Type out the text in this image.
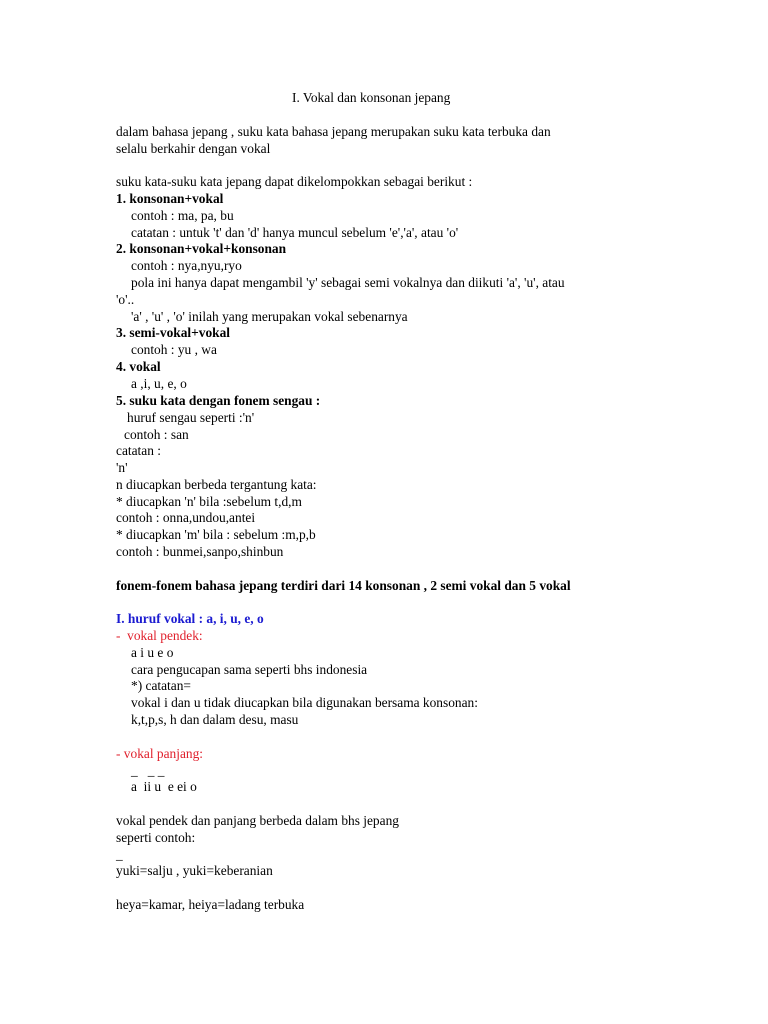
I. Vokal dan konsonan jepang
dalam bahasa jepang , suku kata bahasa jepang merupakan suku kata terbuka dan
selalu berkahir dengan vokal
suku kata-suku kata jepang dapat dikelompokkan sebagai berikut :
1. konsonan+vokal
contoh : ma, pa, bu
catatan : untuk 't' dan 'd' hanya muncul sebelum 'e','a', atau 'o'
2. konsonan+vokal+konsonan
contoh : nya,nyu,ryo
pola ini hanya dapat mengambil 'y' sebagai semi vokalnya dan diikuti 'a', 'u', atau
'o'..
'a' , 'u' , 'o' inilah yang merupakan vokal sebenarnya
3. semi-vokal+vokal
contoh : yu , wa
4. vokal
a ,i, u, e, o
5. suku kata dengan fonem sengau :
huruf sengau seperti :'n'
contoh : san
catatan :
'n'
n diucapkan berbeda tergantung kata:
* diucapkan 'n' bila :sebelum t,d,m
contoh : onna,undou,antei
* diucapkan 'm' bila : sebelum :m,p,b
contoh : bunmei,sanpo,shinbun
fonem-fonem bahasa jepang terdiri dari 14 konsonan , 2 semi vokal dan 5 vokal
I. huruf vokal : a, i, u, e, o
-  vokal pendek:
a i u e o
cara pengucapan sama seperti bhs indonesia
*) catatan=
vokal i dan u tidak diucapkan bila digunakan bersama konsonan:
k,t,p,s, h dan dalam desu, masu
- vokal panjang:
_   _ _
a  ii u  e ei o
vokal pendek dan panjang berbeda dalam bhs jepang
seperti contoh:
_
yuki=salju , yuki=keberanian
heya=kamar, heiya=ladang terbuka
